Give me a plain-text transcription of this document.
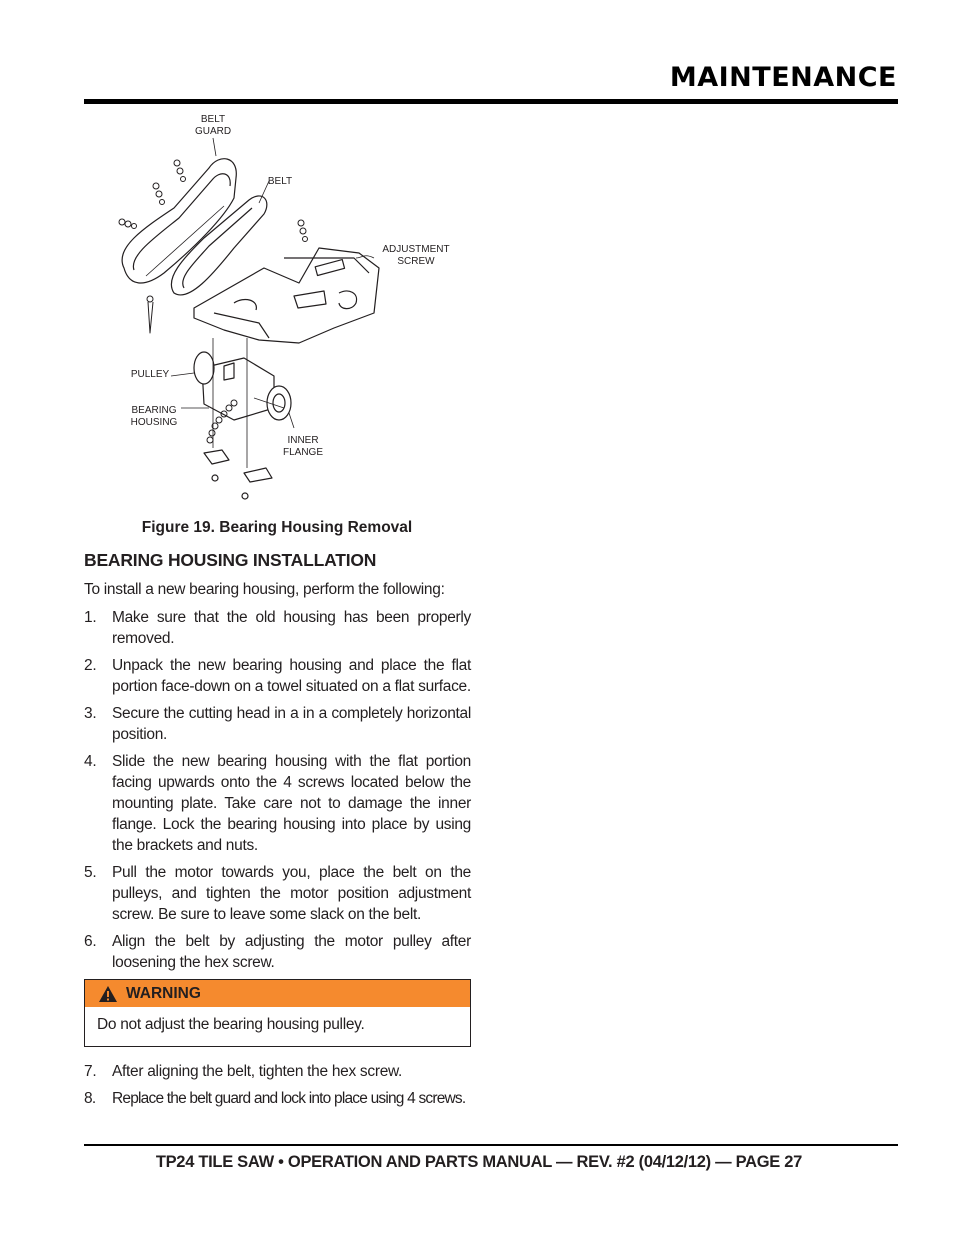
MAINTENANCE
BELT
GUARD
BELT
ADJUSTMENT
SCREW
PULLEY
BEARING
HOUSING
INNER
FLANGE

Figure 19. Bearing Housing Removal

BEARING HOUSING INSTALLATION

To install a new bearing housing, perform the following:

1. Make sure that the old housing has been properly removed.
2. Unpack the new bearing housing and place the flat portion face-down on a towel situated on a flat surface.
3. Secure the cutting head in a in a completely horizontal position.
4. Slide the new bearing housing with the flat portion facing upwards onto the 4 screws located below the mounting plate. Take care not to damage the inner flange. Lock the bearing housing into place by using the brackets and nuts.
5. Pull the motor towards you, place the belt on the pulleys, and tighten the motor position adjustment screw. Be sure to leave some slack on the belt.
6. Align the belt by adjusting the motor pulley after loosening the hex screw.
WARNING
Do not adjust the bearing housing pulley.
7. After aligning the belt, tighten the hex screw.
8. Replace the belt guard and lock into place using 4 screws.

TP24 TILE SAW • OPERATION AND PARTS MANUAL — REV. #2 (04/12/12) — PAGE 27
